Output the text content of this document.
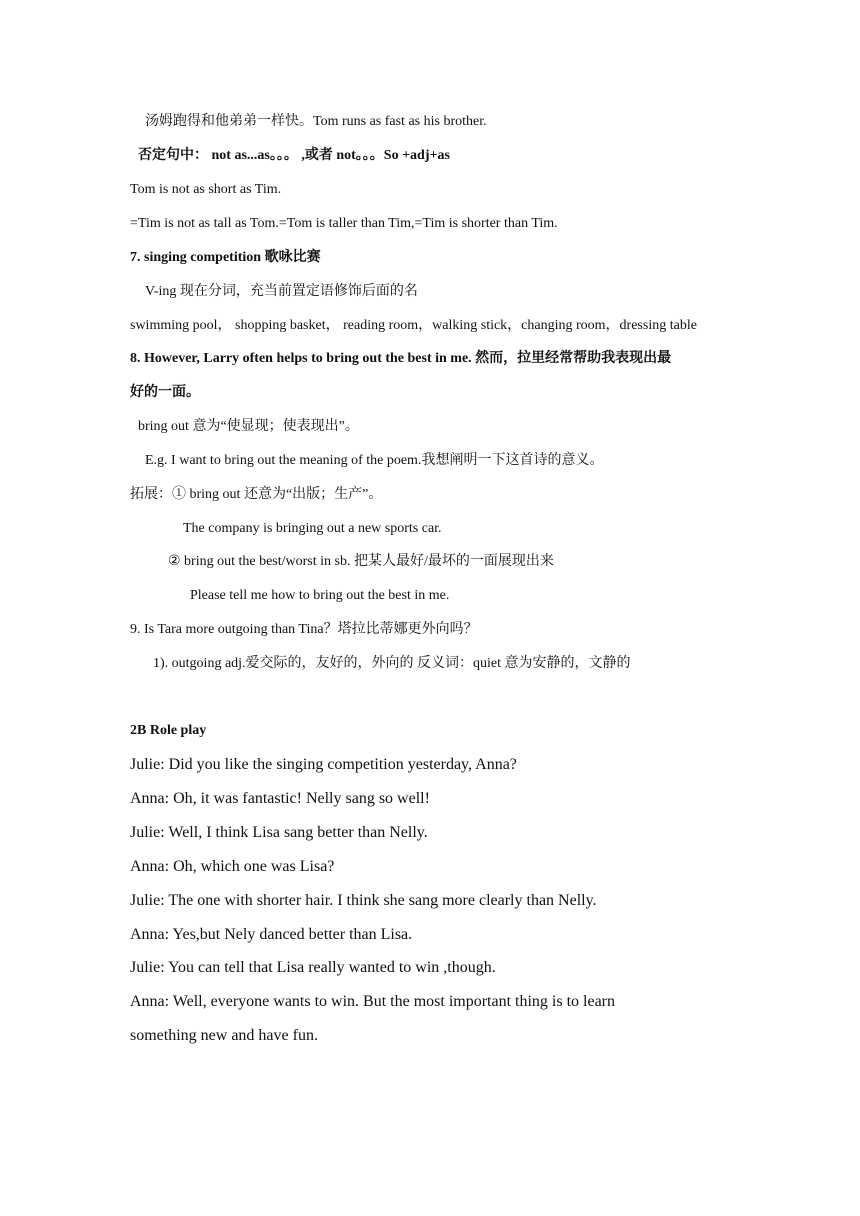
汤姆跑得和他弟弟一样快。Tom runs as fast as his brother.
否定句中： not as...as。。。 ,或者 not。。。So +adj+as
Tom is not as short as Tim.
=Tim is not as tall as Tom.=Tom is taller than Tim,=Tim is shorter than Tim.
7. singing competition 歌咏比赛
V-ing 现在分词，充当前置定语修饰后面的名
swimming pool， shopping basket， reading room，walking stick，changing room，dressing table
8. However, Larry often helps to bring out the best in me. 然而，拉里经常帮助我表现出最
好的一面。
bring out 意为“使显现；使表现出”。
E.g. I want to bring out the meaning of the poem.我想阐明一下这首诗的意义。
拓展：① bring out 还意为“出版；生产”。
The company is bringing out a new sports car.
② bring out the best/worst in sb. 把某人最好/最坏的一面展现出来
Please tell me how to bring out the best in me.
9. Is Tara more outgoing than Tina？塔拉比蒂娜更外向吗？
1). outgoing adj.爱交际的，友好的，外向的 反义词：quiet 意为安静的，文静的
2B Role play
Julie: Did you like the singing competition yesterday, Anna?
Anna: Oh, it was fantastic! Nelly sang so well!
Julie: Well, I think Lisa sang better than Nelly.
Anna: Oh, which one was Lisa?
Julie: The one with shorter hair. I think she sang more clearly than Nelly.
Anna: Yes,but Nely danced better than Lisa.
Julie: You can tell that Lisa really wanted to win ,though.
Anna: Well, everyone wants to win. But the most important thing is to learn
something new and have fun.
